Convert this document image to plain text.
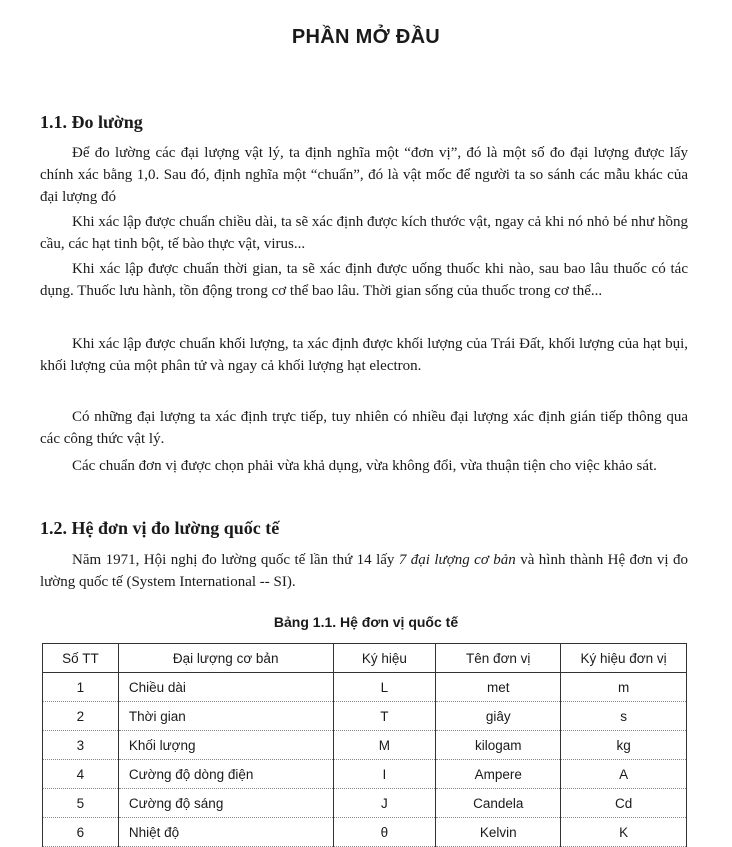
PHẦN MỞ ĐẦU
1.1. Đo lường
Để đo lường các đại lượng vật lý, ta định nghĩa một “đơn vị”, đó là một số đo đại lượng được lấy chính xác bằng 1,0. Sau đó, định nghĩa một “chuẩn”, đó là vật mốc để người ta so sánh các mẫu khác của đại lượng đó
Khi xác lập được chuẩn chiều dài, ta sẽ xác định được kích thước vật, ngay cả khi nó nhỏ bé như hồng cầu, các hạt tinh bột, tế bào thực vật, virus...
Khi xác lập được chuẩn thời gian, ta sẽ xác định được uống thuốc khi nào, sau bao lâu thuốc có tác dụng. Thuốc lưu hành, tồn động trong cơ thể bao lâu. Thời gian sống của thuốc trong cơ thể...
Khi xác lập được chuẩn khối lượng, ta xác định được khối lượng của Trái Đất, khối lượng của hạt bụi, khối lượng của một phân tử và ngay cả khối lượng hạt electron.
Có những đại lượng ta xác định trực tiếp, tuy nhiên có nhiều đại lượng xác định gián tiếp thông qua các công thức vật lý.
Các chuẩn đơn vị được chọn phải vừa khả dụng, vừa không đổi, vừa thuận tiện cho việc khảo sát.
1.2. Hệ đơn vị đo lường quốc tế
Năm 1971, Hội nghị đo lường quốc tế lần thứ 14 lấy 7 đại lượng cơ bản và hình thành Hệ đơn vị đo lường quốc tế (System International -- SI).
Bảng 1.1. Hệ đơn vị quốc tế
Số TT	Đại lượng cơ bản	Ký hiệu	Tên đơn vị	Ký hiệu đơn vị
1	Chiều dài	L	met	m
2	Thời gian	T	giây	s
3	Khối lượng	M	kilogam	kg
4	Cường độ dòng điện	I	Ampere	A
5	Cường độ sáng	J	Candela	Cd
6	Nhiệt độ	θ	Kelvin	K
